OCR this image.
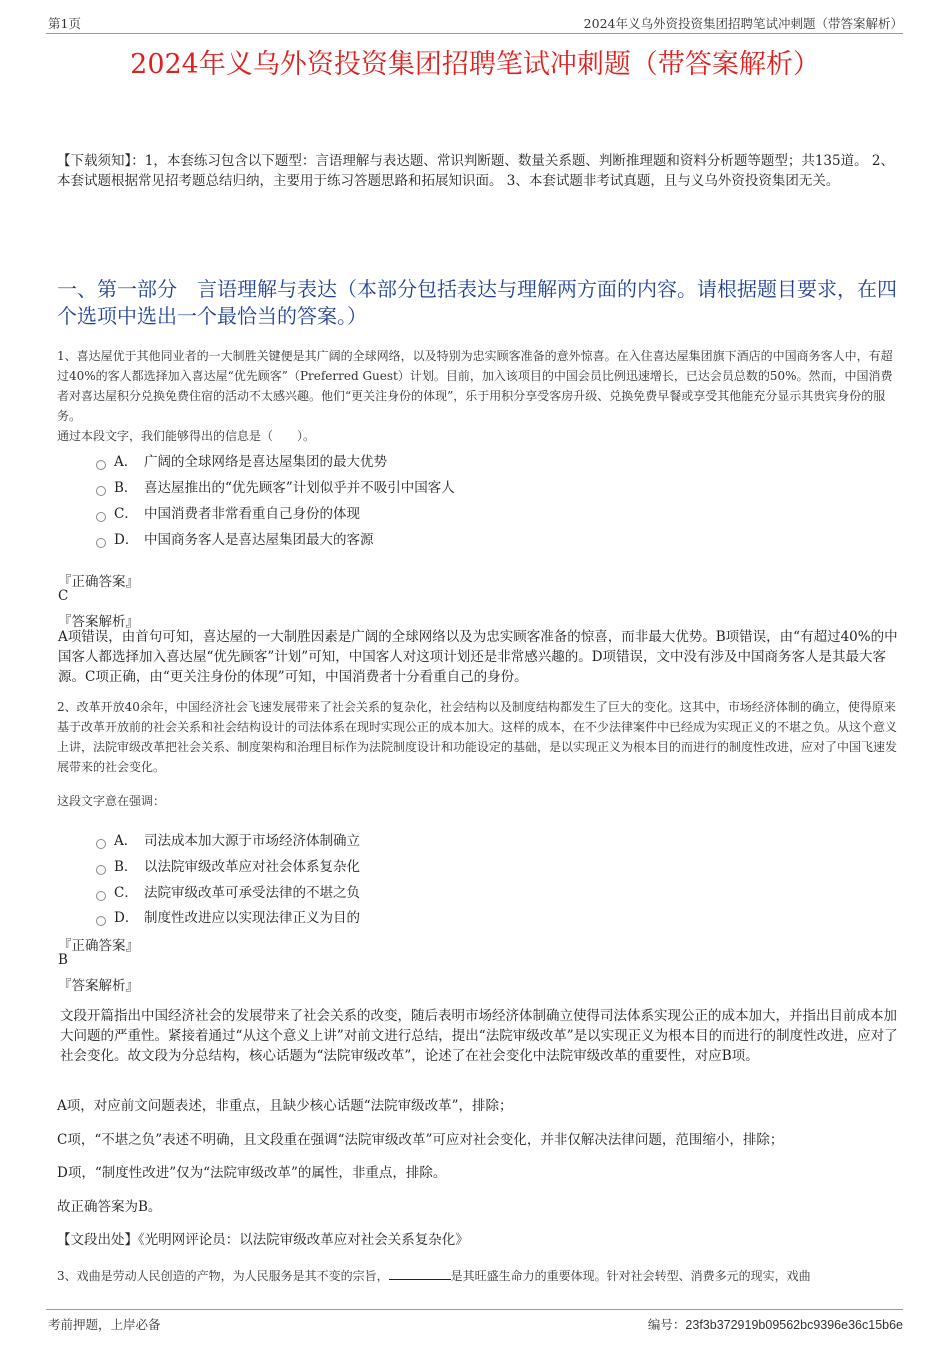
第1页	2024年义乌外资投资集团招聘笔试冲刺题（带答案解析）
2024年义乌外资投资集团招聘笔试冲刺题（带答案解析）
【下载须知】：1，本套练习包含以下题型：言语理解与表达题、常识判断题、数量关系题、判断推理题和资料分析题等题型；共135道。 2、本套试题根据常见招考题总结归纳，主要用于练习答题思路和拓展知识面。 3、本套试题非考试真题，且与义乌外资投资集团无关。
一、第一部分　言语理解与表达（本部分包括表达与理解两方面的内容。请根据题目要求，在四个选项中选出一个最恰当的答案。）
1、喜达屋优于其他同业者的一大制胜关键便是其广阔的全球网络，以及特别为忠实顾客准备的意外惊喜。在入住喜达屋集团旗下酒店的中国商务客人中，有超过40%的客人都选择加入喜达屋“优先顾客”（Preferred Guest）计划。目前，加入该项目的中国会员比例迅速增长，已达会员总数的50%。然而，中国消费者对喜达屋积分兑换免费住宿的活动不太感兴趣。他们“更关注身份的体现”，乐于用积分享受客房升级、兑换免费早餐或享受其他能充分显示其贵宾身份的服务。
通过本段文字，我们能够得出的信息是（　　）。
A． 广阔的全球网络是喜达屋集团的最大优势
B． 喜达屋推出的“优先顾客”计划似乎并不吸引中国客人
C． 中国消费者非常看重自己身份的体现
D． 中国商务客人是喜达屋集团最大的客源
『正确答案』
C
『答案解析』
A项错误，由首句可知，喜达屋的一大制胜因素是广阔的全球网络以及为忠实顾客准备的惊喜，而非最大优势。B项错误，由“有超过40%的中国客人都选择加入喜达屋“优先顾客”计划”可知，中国客人对这项计划还是非常感兴趣的。D项错误，文中没有涉及中国商务客人是其最大客源。C项正确，由“更关注身份的体现”可知，中国消费者十分看重自己的身份。
2、改革开放40余年，中国经济社会飞速发展带来了社会关系的复杂化，社会结构以及制度结构都发生了巨大的变化。这其中，市场经济体制的确立，使得原来基于改革开放前的社会关系和社会结构设计的司法体系在现时实现公正的成本加大。这样的成本，在不少法律案件中已经成为实现正义的不堪之负。从这个意义上讲，法院审级改革把社会关系、制度架构和治理目标作为法院制度设计和功能设定的基础，是以实现正义为根本目的而进行的制度性改进，应对了中国飞速发展带来的社会变化。
这段文字意在强调：
A． 司法成本加大源于市场经济体制确立
B． 以法院审级改革应对社会体系复杂化
C． 法院审级改革可承受法律的不堪之负
D． 制度性改进应以实现法律正义为目的
『正确答案』
B
『答案解析』
文段开篇指出中国经济社会的发展带来了社会关系的改变，随后表明市场经济体制确立使得司法体系实现公正的成本加大，并指出目前成本加大问题的严重性。紧接着通过“从这个意义上讲”对前文进行总结，提出“法院审级改革”是以实现正义为根本目的而进行的制度性改进，应对了社会变化。故文段为分总结构，核心话题为“法院审级改革”，论述了在社会变化中法院审级改革的重要性，对应B项。
A项，对应前文问题表述，非重点，且缺少核心话题“法院审级改革”，排除；
C项，“不堪之负”表述不明确，且文段重在强调“法院审级改革”可应对社会变化，并非仅解决法律问题，范围缩小，排除；
D项，“制度性改进”仅为“法院审级改革”的属性，非重点，排除。
故正确答案为B。
【文段出处】《光明网评论员：以法院审级改革应对社会关系复杂化》
3、戏曲是劳动人民创造的产物，为人民服务是其不变的宗旨，	是其旺盛生命力的重要体现。针对社会转型、消费多元的现实，戏曲
考前押题，上岸必备	编号：23f3b372919b09562bc9396e36c15b6e
